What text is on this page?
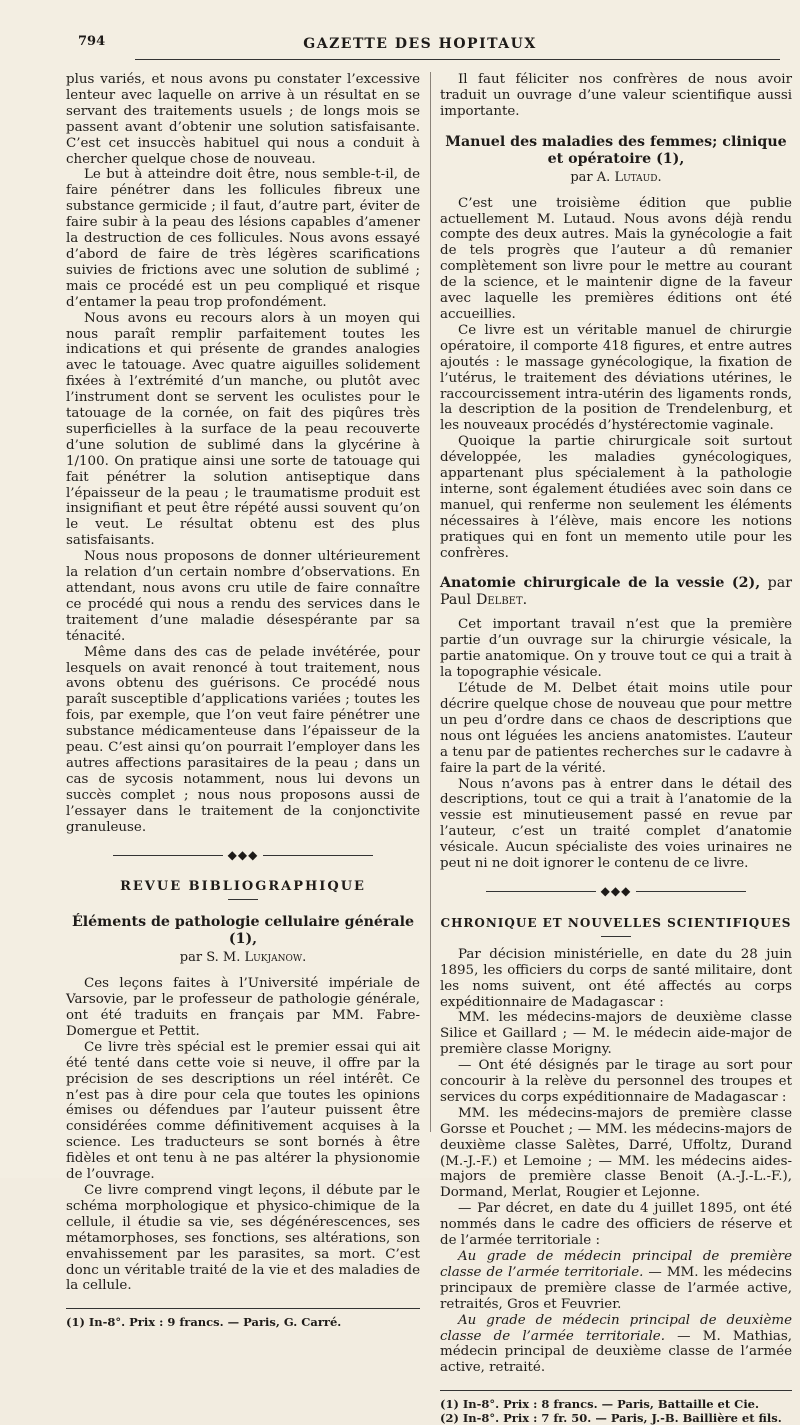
794	GAZETTE DES HOPITAUX

plus variés, et nous avons pu constater l’excessive lenteur avec laquelle on arrive à un résultat en se servant des traitements usuels ; de longs mois se passent avant d’obtenir une solution satisfaisante. C’est cet insuccès habituel qui nous a conduit à chercher quelque chose de nouveau.

Le but à atteindre doit être, nous semble-t-il, de faire pénétrer dans les follicules fibreux une substance germicide ; il faut, d’autre part, éviter de faire subir à la peau des lésions capables d’amener la destruction de ces follicules. Nous avons essayé d’abord de faire de très légères scarifications suivies de frictions avec une solution de sublimé ; mais ce procédé est un peu compliqué et risque d’entamer la peau trop profondément.

Nous avons eu recours alors à un moyen qui nous paraît remplir parfaitement toutes les indications et qui présente de grandes analogies avec le tatouage. Avec quatre aiguilles solidement fixées à l’extrémité d’un manche, ou plutôt avec l’instrument dont se servent les oculistes pour le tatouage de la cornée, on fait des piqûres très superficielles à la surface de la peau recouverte d’une solution de sublimé dans la glycérine à 1/100. On pratique ainsi une sorte de tatouage qui fait pénétrer la solution antiseptique dans l’épaisseur de la peau ; le traumatisme produit est insignifiant et peut être répété aussi souvent qu’on le veut. Le résultat obtenu est des plus satisfaisants.

Nous nous proposons de donner ultérieurement la relation d’un certain nombre d’observations. En attendant, nous avons cru utile de faire connaître ce procédé qui nous a rendu des services dans le traitement d’une maladie désespérante par sa ténacité.

Même dans des cas de pelade invétérée, pour lesquels on avait renoncé à tout traitement, nous avons obtenu des guérisons. Ce procédé nous paraît susceptible d’applications variées ; toutes les fois, par exemple, que l’on veut faire pénétrer une substance médicamenteuse dans l’épaisseur de la peau. C’est ainsi qu’on pourrait l’employer dans les autres affections parasitaires de la peau ; dans un cas de sycosis notamment, nous lui devons un succès complet ; nous nous proposons aussi de l’essayer dans le traitement de la conjonctivite granuleuse.

◆◆◆
REVUE BIBLIOGRAPHIQUE
Éléments de pathologie cellulaire générale (1),
par S. M. Lukjanow.

Ces leçons faites à l’Université impériale de Varsovie, par le professeur de pathologie générale, ont été traduits en français par MM. Fabre-Domergue et Pettit.

Ce livre très spécial est le premier essai qui ait été tenté dans cette voie si neuve, il offre par la précision de ses descriptions un réel intérêt. Ce n’est pas à dire pour cela que toutes les opinions émises ou défendues par l’auteur puissent être considérées comme définitivement acquises à la science. Les traducteurs se sont bornés à être fidèles et ont tenu à ne pas altérer la physionomie de l’ouvrage.

Ce livre comprend vingt leçons, il débute par le schéma morphologique et physico-chimique de la cellule, il étudie sa vie, ses dégénérescences, ses métamorphoses, ses fonctions, ses altérations, son envahissement par les parasites, sa mort. C’est donc un véritable traité de la vie et des maladies de la cellule.

(1) In-8°. Prix : 9 francs. — Paris, G. Carré.

Il faut féliciter nos confrères de nous avoir traduit un ouvrage d’une valeur scientifique aussi importante.

Manuel des maladies des femmes; clinique et opératoire (1),
par A. Lutaud.

C’est une troisième édition que publie actuellement M. Lutaud. Nous avons déjà rendu compte des deux autres. Mais la gynécologie a fait de tels progrès que l’auteur a dû remanier complètement son livre pour le mettre au courant de la science, et le maintenir digne de la faveur avec laquelle les premières éditions ont été accueillies.

Ce livre est un véritable manuel de chirurgie opératoire, il comporte 418 figures, et entre autres ajoutés : le massage gynécologique, la fixation de l’utérus, le traitement des déviations utérines, le raccourcissement intra-utérin des ligaments ronds, la description de la position de Trendelenburg, et les nouveaux procédés d’hystérectomie vaginale.

Quoique la partie chirurgicale soit surtout développée, les maladies gynécologiques, appartenant plus spécialement à la pathologie interne, sont également étudiées avec soin dans ce manuel, qui renferme non seulement les éléments nécessaires à l’élève, mais encore les notions pratiques qui en font un memento utile pour les confrères.

Anatomie chirurgicale de la vessie (2), par Paul Delbet.

Cet important travail n’est que la première partie d’un ouvrage sur la chirurgie vésicale, la partie anatomique. On y trouve tout ce qui a trait à la topographie vésicale.

L’étude de M. Delbet était moins utile pour décrire quelque chose de nouveau que pour mettre un peu d’ordre dans ce chaos de descriptions que nous ont léguées les anciens anatomistes. L’auteur a tenu par de patientes recherches sur le cadavre à faire la part de la vérité.

Nous n’avons pas à entrer dans le détail des descriptions, tout ce qui a trait à l’anatomie de la vessie est minutieusement passé en revue par l’auteur, c’est un traité complet d’anatomie vésicale. Aucun spécialiste des voies urinaires ne peut ni ne doit ignorer le contenu de ce livre.

◆◆◆
CHRONIQUE ET NOUVELLES SCIENTIFIQUES

Par décision ministérielle, en date du 28 juin 1895, les officiers du corps de santé militaire, dont les noms suivent, ont été affectés au corps expéditionnaire de Madagascar :

MM. les médecins-majors de deuxième classe Silice et Gaillard ; — M. le médecin aide-major de première classe Morigny.

— Ont été désignés par le tirage au sort pour concourir à la relève du personnel des troupes et services du corps expéditionnaire de Madagascar :

MM. les médecins-majors de première classe Gorsse et Pouchet ; — MM. les médecins-majors de deuxième classe Salètes, Darré, Uffoltz, Durand (M.-J.-F.) et Lemoine ; — MM. les médecins aides-majors de première classe Benoit (A.-J.-L.-F.), Dormand, Merlat, Rougier et Lejonne.

— Par décret, en date du 4 juillet 1895, ont été nommés dans le cadre des officiers de réserve et de l’armée territoriale :

Au grade de médecin principal de première classe de l’armée territoriale. — MM. les médecins principaux de première classe de l’armée active, retraités, Gros et Feuvrier.

Au grade de médecin principal de deuxième classe de l’armée territoriale. — M. Mathias, médecin principal de deuxième classe de l’armée active, retraité.

(1) In-8°. Prix : 8 francs. — Paris, Battaille et Cie.

(2) In-8°. Prix : 7 fr. 50. — Paris, J.-B. Baillière et fils.
